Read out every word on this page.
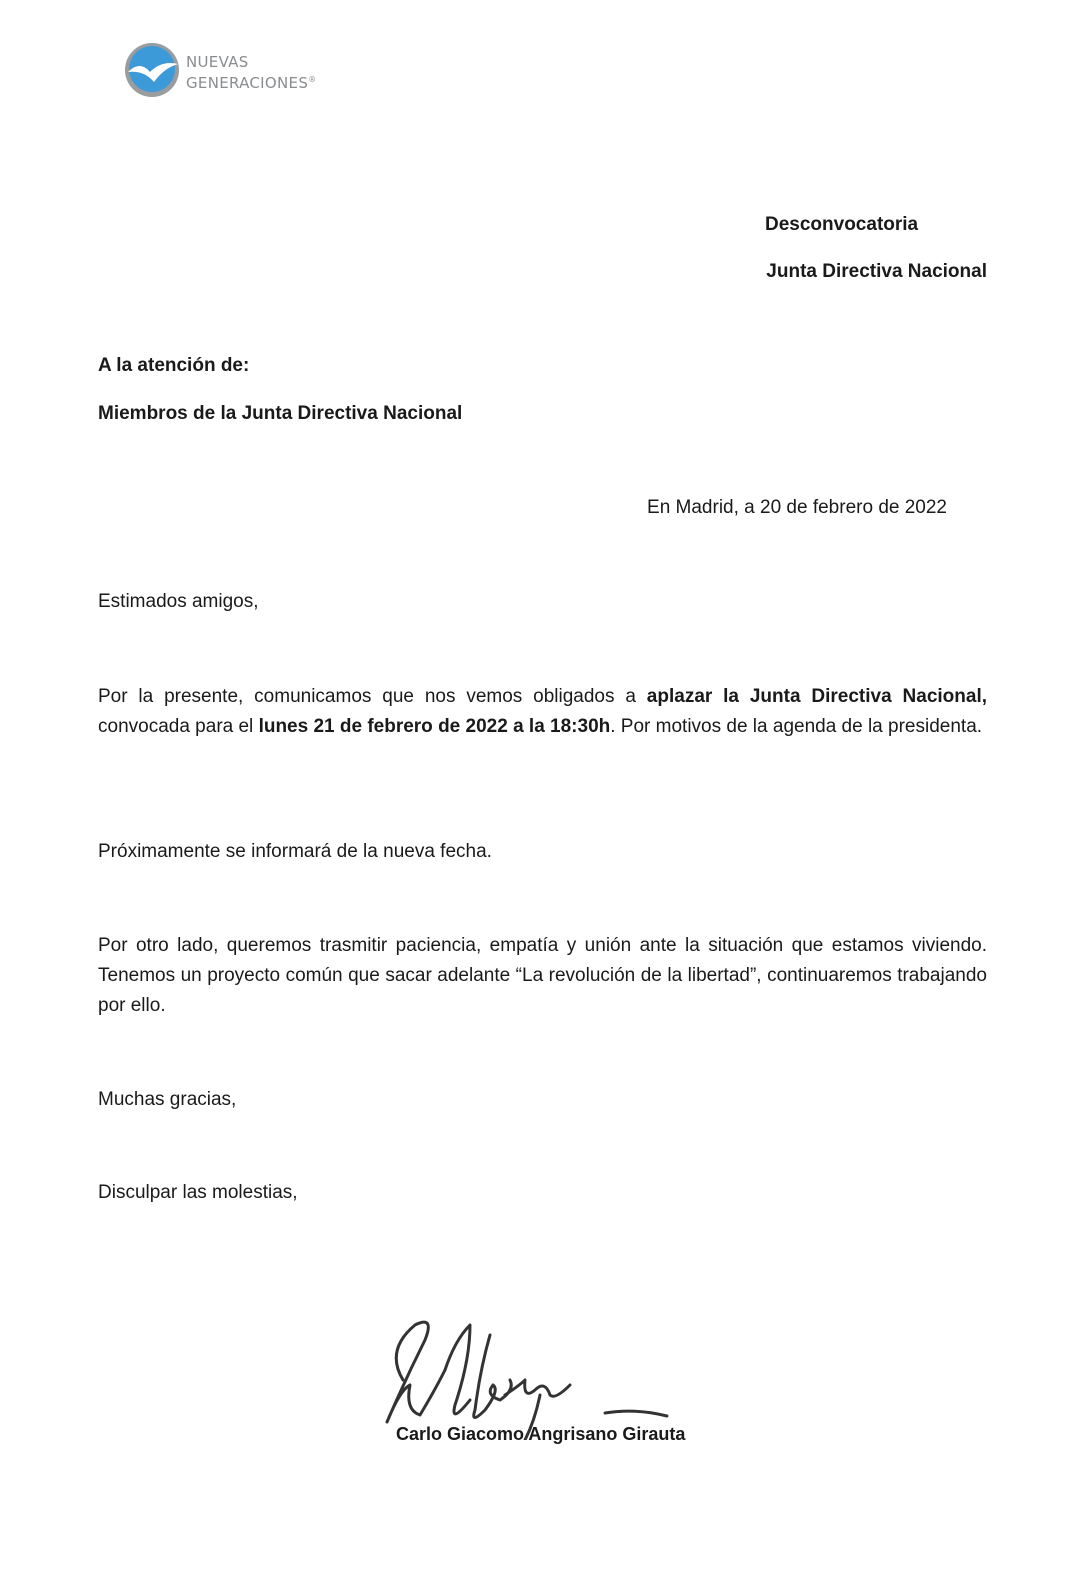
NUEVAS
GENERACIONES®
Desconvocatoria
Junta Directiva Nacional
A la atención de:
Miembros de la Junta Directiva Nacional
En Madrid, a 20 de febrero de 2022
Estimados amigos,
Por la presente, comunicamos que nos vemos obligados a aplazar la Junta Directiva Nacional, convocada para el lunes 21 de febrero de 2022 a la 18:30h. Por motivos de la agenda de la presidenta.
Próximamente se informará de la nueva fecha.
Por otro lado, queremos trasmitir paciencia, empatía y unión ante la situación que estamos viviendo. Tenemos un proyecto común que sacar adelante “La revolución de la libertad”, continuaremos trabajando por ello.
Muchas gracias,
Disculpar las molestias,
Carlo Giacomo Angrisano Girauta
